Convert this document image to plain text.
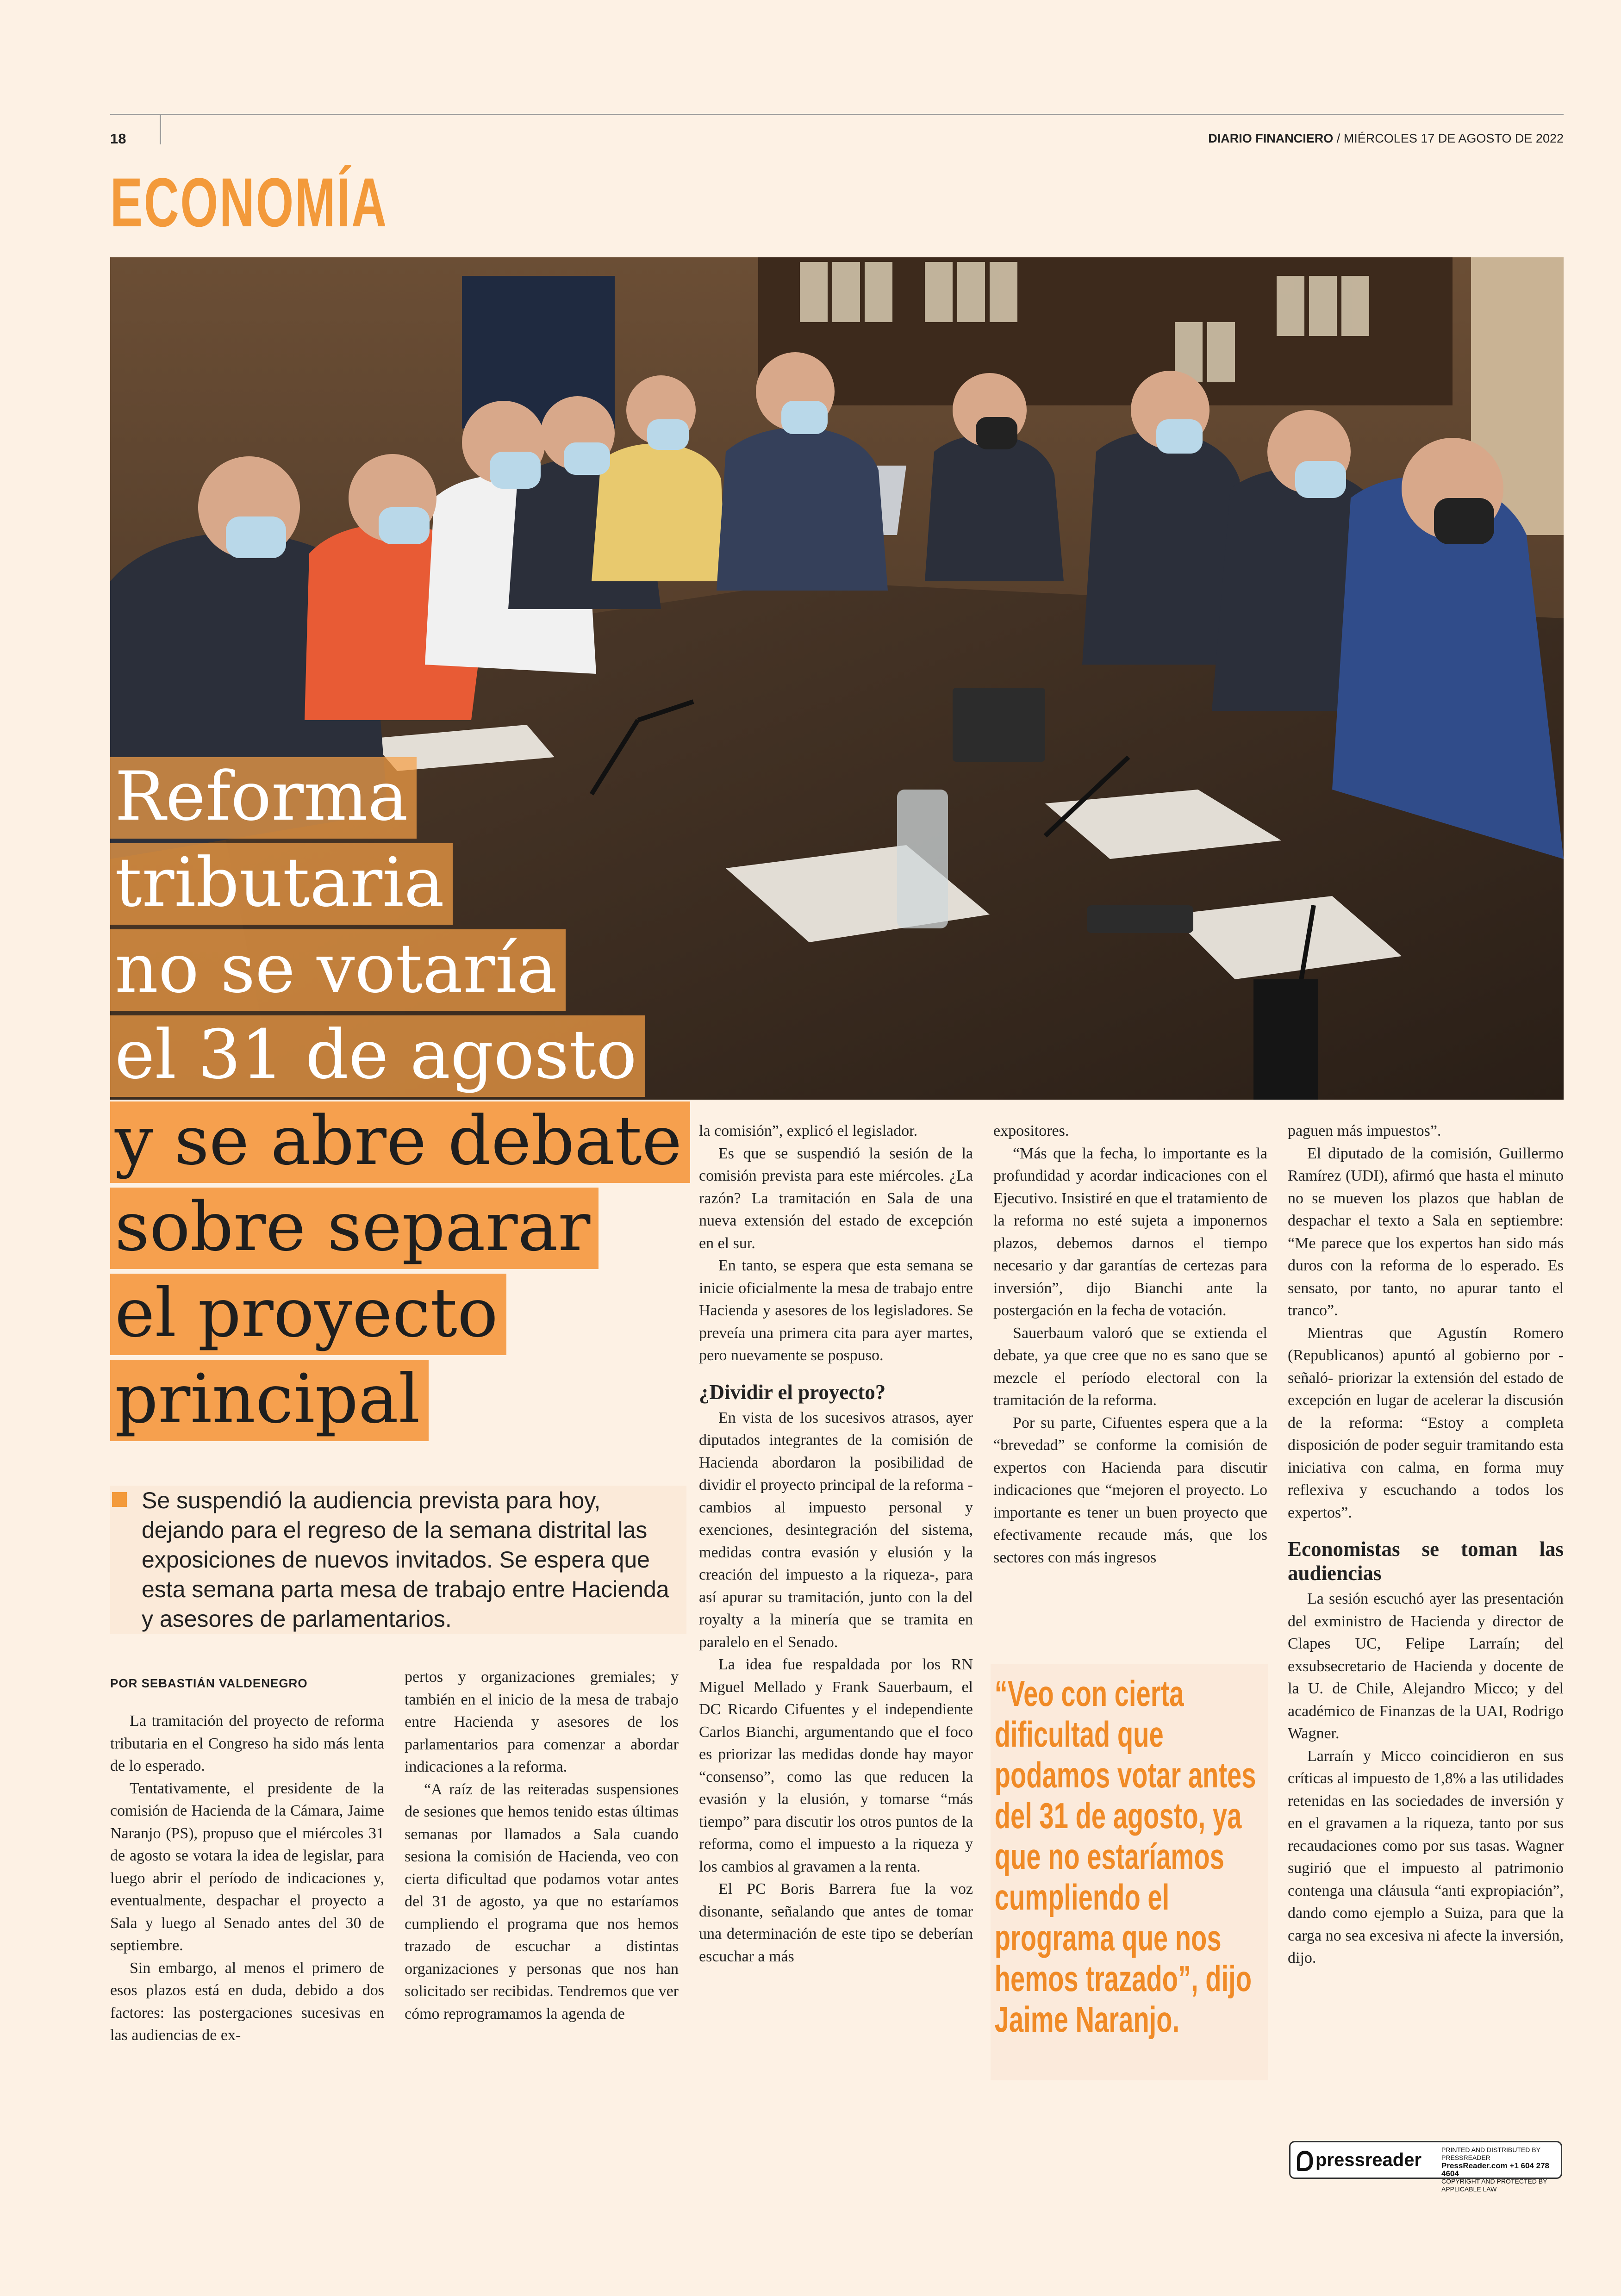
18	DIARIO FINANCIERO / MIÉRCOLES 17 DE AGOSTO DE 2022
ECONOMÍA
Reforma
tributaria
no se votaría
el 31 de agosto
y se abre debate
sobre separar
el proyecto
principal
Se suspendió la audiencia prevista para hoy, dejando para el regreso de la semana distrital las exposiciones de nuevos invitados. Se espera que esta semana parta mesa de trabajo entre Hacienda y asesores de parlamentarios.
POR SEBASTIÁN VALDENEGRO

La tramitación del proyecto de reforma tributaria en el Congreso ha sido más lenta de lo esperado.

Tentativamente, el presidente de la comisión de Hacienda de la Cámara, Jaime Naranjo (PS), propuso que el miércoles 31 de agosto se votara la idea de legislar, para luego abrir el período de indicaciones y, eventualmente, despachar el proyecto a Sala y luego al Senado antes del 30 de septiembre.

Sin embargo, al menos el primero de esos plazos está en duda, debido a dos factores: las postergaciones sucesivas en las audiencias de ex-

pertos y organizaciones gremiales; y también en el inicio de la mesa de trabajo entre Hacienda y asesores de los parlamentarios para comenzar a abordar indicaciones a la reforma.

“A raíz de las reiteradas suspensiones de sesiones que hemos tenido estas últimas semanas por llamados a Sala cuando sesiona la comisión de Hacienda, veo con cierta dificultad que podamos votar antes del 31 de agosto, ya que no estaríamos cumpliendo el programa que nos hemos trazado de escuchar a distintas organizaciones y personas que nos han solicitado ser recibidas. Tendremos que ver cómo reprogramamos la agenda de

la comisión”, explicó el legislador.

Es que se suspendió la sesión de la comisión prevista para este miércoles. ¿La razón? La tramitación en Sala de una nueva extensión del estado de excepción en el sur.

En tanto, se espera que esta semana se inicie oficialmente la mesa de trabajo entre Hacienda y asesores de los legisladores. Se preveía una primera cita para ayer martes, pero nuevamente se pospuso.

¿Dividir el proyecto?

En vista de los sucesivos atrasos, ayer diputados integrantes de la comisión de Hacienda abordaron la posibilidad de dividir el proyecto principal de la reforma -cambios al impuesto personal y exenciones, desintegración del sistema, medidas contra evasión y elusión y la creación del impuesto a la riqueza-, para así apurar su tramitación, junto con la del royalty a la minería que se tramita en paralelo en el Senado.

La idea fue respaldada por los RN Miguel Mellado y Frank Sauerbaum, el DC Ricardo Cifuentes y el independiente Carlos Bianchi, argumentando que el foco es priorizar las medidas donde hay mayor “consenso”, como las que reducen la evasión y la elusión, y tomarse “más tiempo” para discutir los otros puntos de la reforma, como el impuesto a la riqueza y los cambios al gravamen a la renta.

El PC Boris Barrera fue la voz disonante, señalando que antes de tomar una determinación de este tipo se deberían escuchar a más

expositores.

“Más que la fecha, lo importante es la profundidad y acordar indicaciones con el Ejecutivo. Insistiré en que el tratamiento de la reforma no esté sujeta a imponernos plazos, debemos darnos el tiempo necesario y dar garantías de certezas para inversión”, dijo Bianchi ante la postergación en la fecha de votación.

Sauerbaum valoró que se extienda el debate, ya que cree que no es sano que se mezcle el período electoral con la tramitación de la reforma.

Por su parte, Cifuentes espera que a la “brevedad” se conforme la comisión de expertos con Hacienda para discutir indicaciones que “mejoren el proyecto. Lo importante es tener un buen proyecto que efectivamente recaude más, que los sectores con más ingresos

“Veo con cierta dificultad que podamos votar antes del 31 de agosto, ya que no estaríamos cumpliendo el programa que nos hemos trazado”, dijo Jaime Naranjo.

paguen más impuestos”.

El diputado de la comisión, Guillermo Ramírez (UDI), afirmó que hasta el minuto no se mueven los plazos que hablan de despachar el texto a Sala en septiembre: “Me parece que los expertos han sido más duros con la reforma de lo esperado. Es sensato, por tanto, no apurar tanto el tranco”.

Mientras que Agustín Romero (Republicanos) apuntó al gobierno por -señaló- priorizar la extensión del estado de excepción en lugar de acelerar la discusión de la reforma: “Estoy a completa disposición de poder seguir tramitando esta iniciativa con calma, en forma muy reflexiva y escuchando a todos los expertos”.

Economistas se toman las audiencias

La sesión escuchó ayer las presentación del exministro de Hacienda y director de Clapes UC, Felipe Larraín; del exsubsecretario de Hacienda y docente de la U. de Chile, Alejandro Micco; y del académico de Finanzas de la UAI, Rodrigo Wagner.

Larraín y Micco coincidieron en sus críticas al impuesto de 1,8% a las utilidades retenidas en las sociedades de inversión y en el gravamen a la riqueza, tanto por sus recaudaciones como por sus tasas. Wagner sugirió que el impuesto al patrimonio contenga una cláusula “anti expropiación”, dando como ejemplo a Suiza, para que la carga no sea excesiva ni afecte la inversión, dijo.

pressreader	PRINTED AND DISTRIBUTED BY PRESSREADER
PressReader.com +1 604 278 4604
COPYRIGHT AND PROTECTED BY APPLICABLE LAW
